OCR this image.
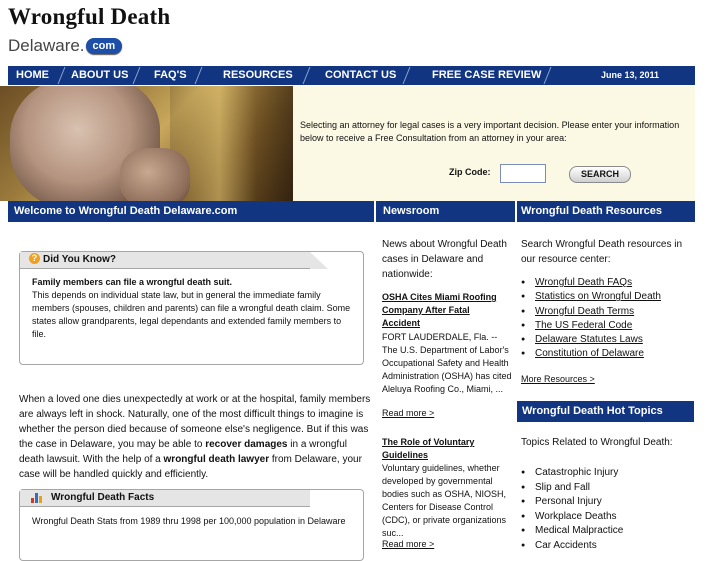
Wrongful Death
Delaware. com
HOME ABOUT US FAQ'S	RESOURCES	CONTACT US	FREE CASE REVIEW	June 13, 2011
Selecting an attorney for legal cases is a very important decision. Please enter your information below to receive a Free Consultation from an attorney in your area:
Zip Code:	SEARCH
Welcome to Wrongful Death Delaware.com	Newsroom	Wrongful Death Resources
? Did You Know?
Family members can file a wrongful death suit.
This depends on individual state law, but in general the immediate family members (spouses, children and parents) can file a wrongful death claim. Some states allow grandparents, legal dependants and extended family members to file.
When a loved one dies unexpectedly at work or at the hospital, family members are always left in shock. Naturally, one of the most difficult things to imagine is whether the person died because of someone else's negligence. But if this was the case in Delaware, you may be able to recover damages in a wrongful death lawsuit. With the help of a wrongful death lawyer from Delaware, your case will be handled quickly and efficiently.
Wrongful Death Facts
Wrongful Death Stats from 1989 thru 1998 per 100,000 population in Delaware
News about Wrongful Death cases in Delaware and nationwide:
OSHA Cites Miami Roofing Company After Fatal Accident
FORT LAUDERDALE, Fla. -- The U.S. Department of Labor's Occupational Safety and Health Administration (OSHA) has cited Aleluya Roofing Co., Miami, ...
Read more >
The Role of Voluntary Guidelines
Voluntary guidelines, whether developed by governmental bodies such as OSHA, NIOSH, Centers for Disease Control (CDC), or private organizations suc...
Read more >
Search Wrongful Death resources in our resource center:
● Wrongful Death FAQs
● Statistics on Wrongful Death
● Wrongful Death Terms
● The US Federal Code
● Delaware Statutes Laws
● Constitution of Delaware
More Resources >
Wrongful Death Hot Topics
Topics Related to Wrongful Death:
● Catastrophic Injury
● Slip and Fall
● Personal Injury
● Workplace Deaths
● Medical Malpractice
● Car Accidents
